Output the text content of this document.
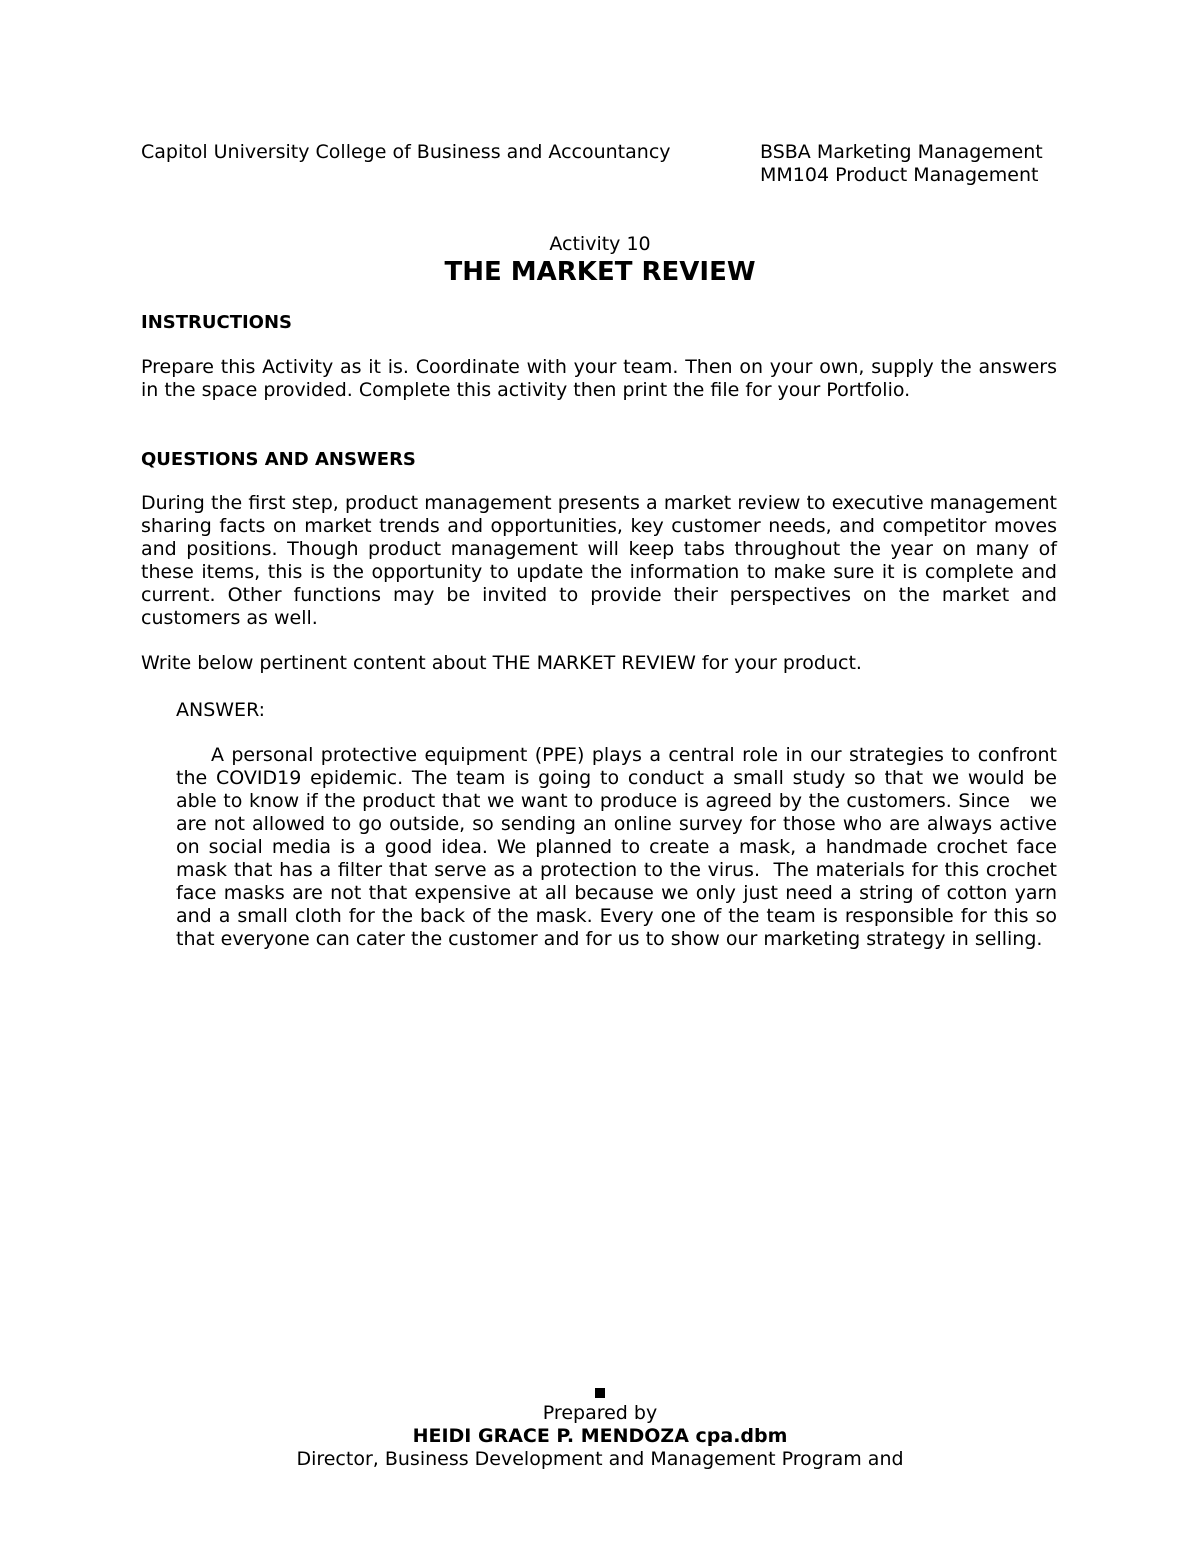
Capitol University College of Business and Accountancy	BSBA Marketing Management
MM104 Product Management
Activity 10
THE MARKET REVIEW
INSTRUCTIONS
Prepare this Activity as it is. Coordinate with your team. Then on your own, supply the answers in the space provided. Complete this activity then print the file for your Portfolio.
QUESTIONS AND ANSWERS
During the first step, product management presents a market review to executive management sharing facts on market trends and opportunities, key customer needs, and competitor moves and positions. Though product management will keep tabs throughout the year on many of these items, this is the opportunity to update the information to make sure it is complete and current. Other functions may be invited to provide their perspectives on the market and customers as well.
Write below pertinent content about THE MARKET REVIEW for your product.
ANSWER:
A personal protective equipment (PPE) plays a central role in our strategies to confront the COVID19 epidemic. The team is going to conduct a small study so that we would be able to know if the product that we want to produce is agreed by the customers. Since   we are not allowed to go outside, so sending an online survey for those who are always active on social media is a good idea. We planned to create a mask, a handmade crochet face mask that has a filter that serve as a protection to the virus.  The materials for this crochet face masks are not that expensive at all because we only just need a string of cotton yarn and a small cloth for the back of the mask. Every one of the team is responsible for this so that everyone can cater the customer and for us to show our marketing strategy in selling.
Prepared by
HEIDI GRACE P. MENDOZA cpa.dbm
Director, Business Development and Management Program and
